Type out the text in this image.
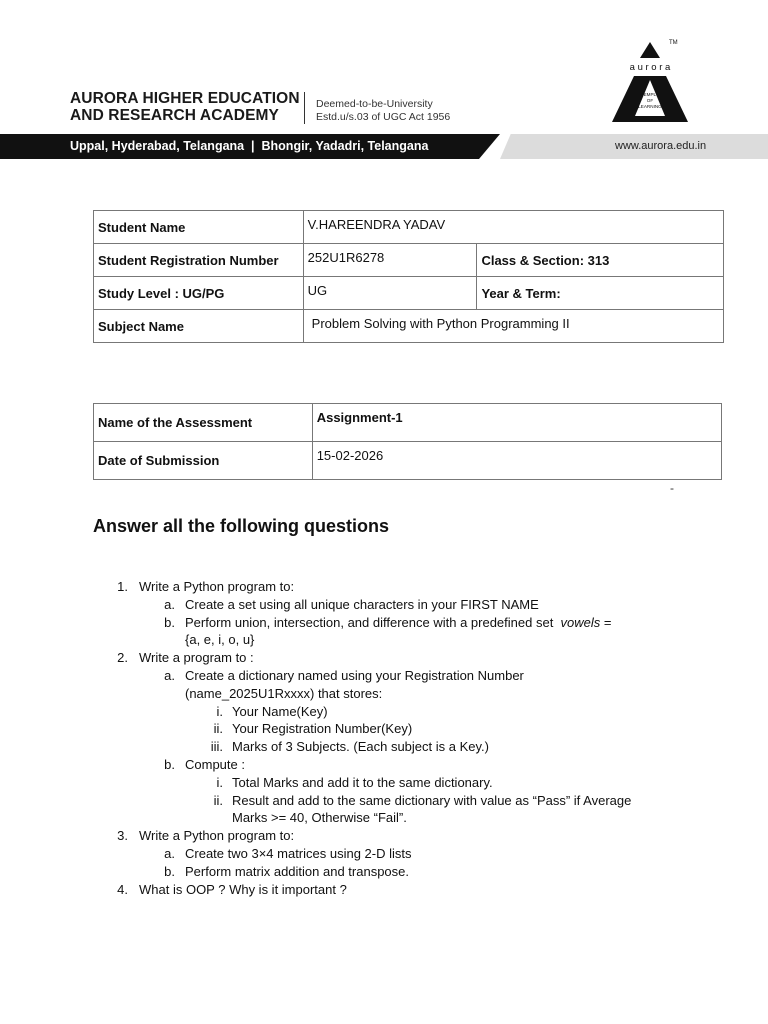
AURORA HIGHER EDUCATION
AND RESEARCH ACADEMY
Deemed-to-be-University
Estd.u/s.03 of UGC Act 1956
TM
a u r o r a
TEMPLE
OF
LEARNING
Uppal, Hyderabad, Telangana  |  Bhongir, Yadadri, Telangana	www.aurora.edu.in
Student Name	V.HAREENDRA YADAV	
Student Registration Number	252U1R6278	Class & Section: 313
Study Level : UG/PG	UG	Year & Term:
Subject Name	Problem Solving with Python Programming II	
Name of the Assessment	Assignment-1
Date of Submission	15-02-2026
-
Answer all the following questions
1. Write a Python program to:
a. Create a set using all unique characters in your FIRST NAME
b. Perform union, intersection, and difference with a predefined set vowels =
{a, e, i, o, u}
2. Write a program to :
a. Create a dictionary named using your Registration Number
(name_2025U1Rxxxx) that stores:
i. Your Name(Key)
ii. Your Registration Number(Key)
iii. Marks of 3 Subjects. (Each subject is a Key.)
b. Compute :
i. Total Marks and add it to the same dictionary.
ii. Result and add to the same dictionary with value as “Pass” if Average
Marks >= 40, Otherwise “Fail”.
3. Write a Python program to:
a. Create two 3×4 matrices using 2-D lists
b. Perform matrix addition and transpose.
4. What is OOP ? Why is it important ?
